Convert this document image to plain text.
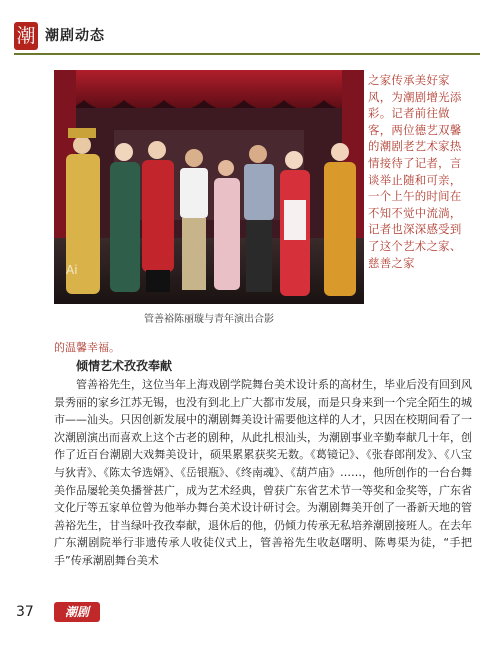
潮 潮剧动态
Ai
管善裕陈丽璇与青年演出合影
之家传承美好家风，为潮剧增光添彩。记者前往做客，两位德艺双馨的潮剧老艺术家热情接待了记者，言谈举止随和可亲，一个上午的时间在不知不觉中流淌，记者也深深感受到了这个艺术之家、慈善之家
的温馨幸福。
倾情艺术孜孜奉献
管善裕先生，这位当年上海戏剧学院舞台美术设计系的高材生，毕业后没有回到风景秀丽的家乡江苏无锡，也没有到北上广大都市发展，而是只身来到一个完全陌生的城市——汕头。只因创新发展中的潮剧舞美设计需要他这样的人才，只因在校期间看了一次潮剧演出而喜欢上这个古老的剧种，从此扎根汕头，为潮剧事业辛勤奉献几十年，创作了近百台潮剧大戏舞美设计，硕果累累获奖无数。《葛镜记》、《张春郎削发》、《八宝与狄青》、《陈太爷选婿》、《岳银瓶》、《终南魂》、《葫芦庙》……，他所创作的一台台舞美作品屡轮美奂播誉甚广，成为艺术经典，曾获广东省艺术节一等奖和金奖等，广东省文化厅等五家单位曾为他举办舞台美术设计研讨会。为潮剧舞美开创了一番新天地的管善裕先生，甘当绿叶孜孜奉献，退休后的他，仍倾力传承无私培养潮剧接班人。在去年广东潮剧院举行非遗传承人收徒仪式上，管善裕先生收赵曙明、陈粤渠为徒，“手把手”传承潮剧舞台美术
37	潮剧
